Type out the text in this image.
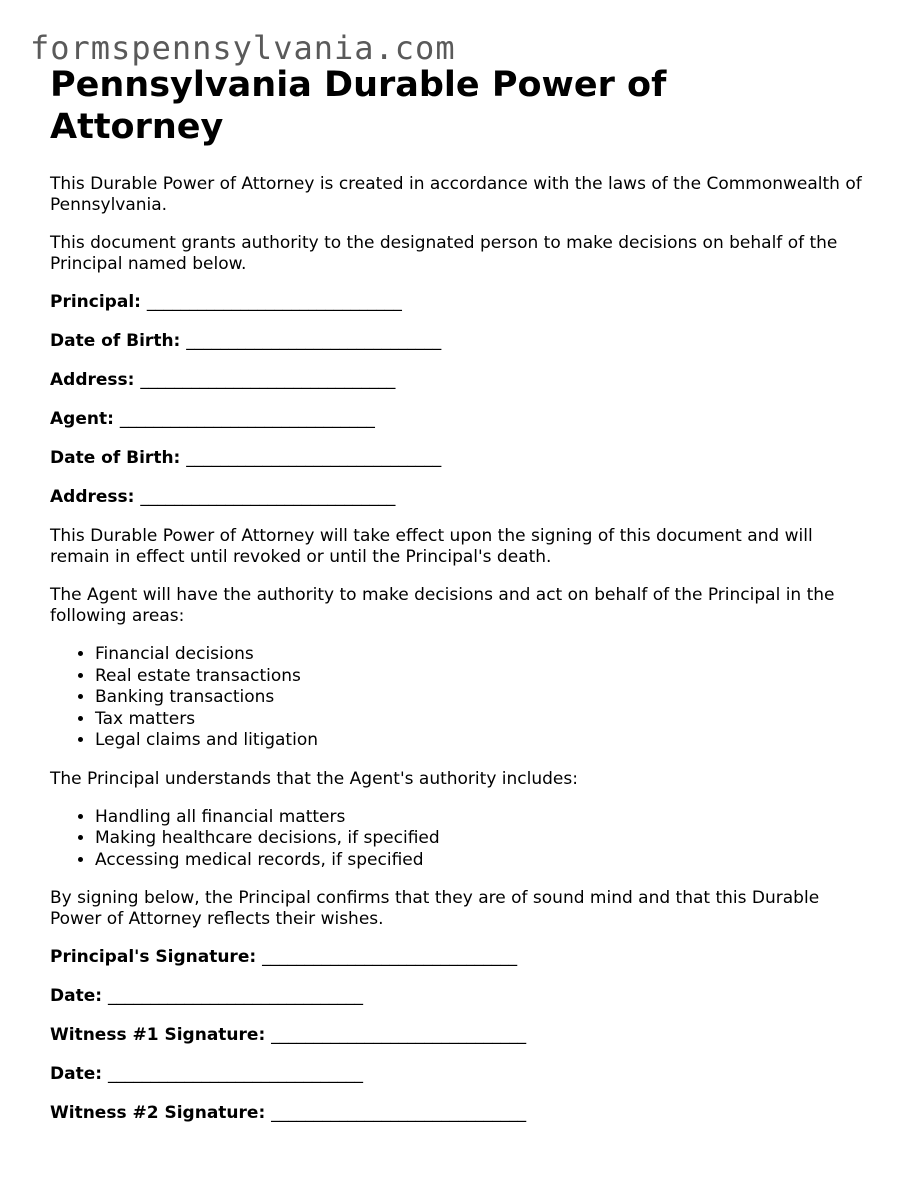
formspennsylvania.com
Pennsylvania Durable Power of Attorney

This Durable Power of Attorney is created in accordance with the laws of the Commonwealth of Pennsylvania.

This document grants authority to the designated person to make decisions on behalf of the Principal named below.

Principal: ______________________________
Date of Birth: ______________________________
Address: ______________________________
Agent: ______________________________
Date of Birth: ______________________________
Address: ______________________________

This Durable Power of Attorney will take effect upon the signing of this document and will remain in effect until revoked or until the Principal's death.

The Agent will have the authority to make decisions and act on behalf of the Principal in the following areas:

• Financial decisions
• Real estate transactions
• Banking transactions
• Tax matters
• Legal claims and litigation

The Principal understands that the Agent's authority includes:

• Handling all financial matters
• Making healthcare decisions, if specified
• Accessing medical records, if specified

By signing below, the Principal confirms that they are of sound mind and that this Durable Power of Attorney reflects their wishes.

Principal's Signature: ______________________________
Date: ______________________________
Witness #1 Signature: ______________________________
Date: ______________________________
Witness #2 Signature: ______________________________
